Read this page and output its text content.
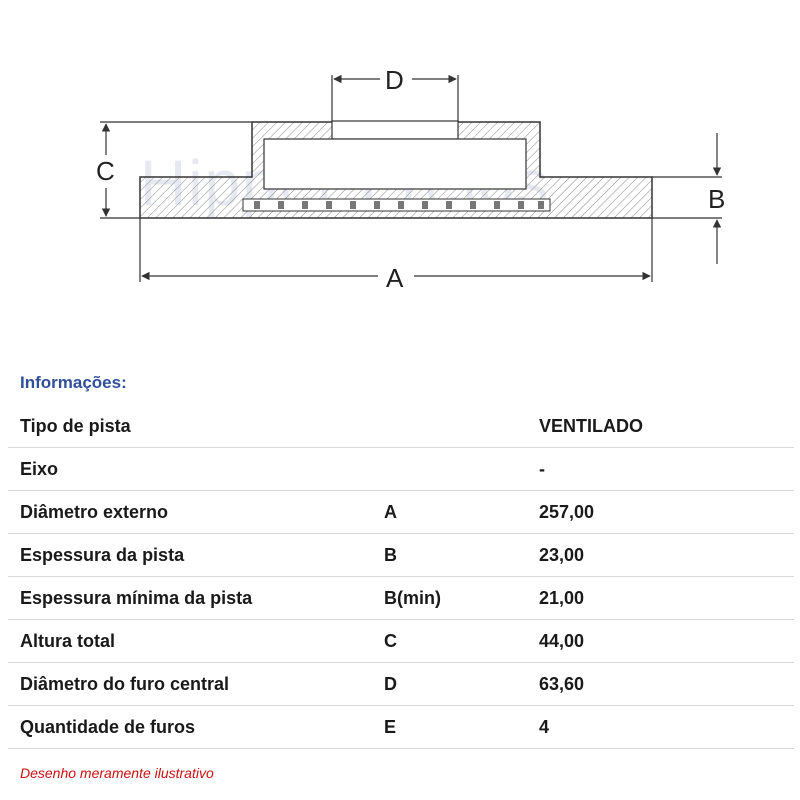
D
C
B
A
Informações:
Tipo de pista		VENTILADO
Eixo		-
Diâmetro externo	A	257,00
Espessura da pista	B	23,00
Espessura mínima da pista	B(min)	21,00
Altura total	C	44,00
Diâmetro do furo central	D	63,60
Quantidade de furos	E	4
Desenho meramente ilustrativo
